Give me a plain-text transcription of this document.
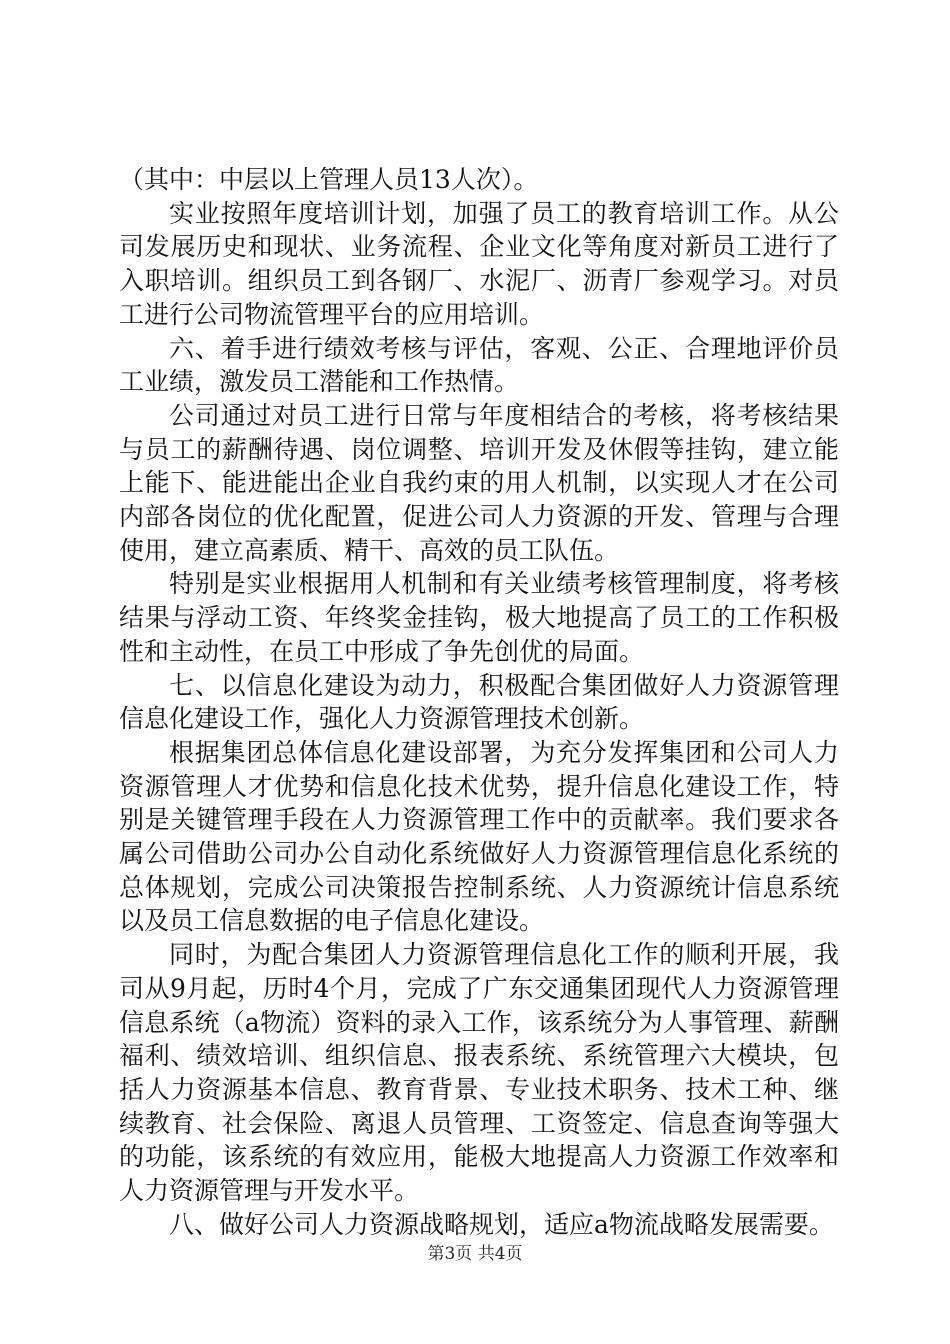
（其中：中层以上管理人员13人次）。

实业按照年度培训计划，加强了员工的教育培训工作。从公司发展历史和现状、业务流程、企业文化等角度对新员工进行了入职培训。组织员工到各钢厂、水泥厂、沥青厂参观学习。对员工进行公司物流管理平台的应用培训。

六、着手进行绩效考核与评估，客观、公正、合理地评价员工业绩，激发员工潜能和工作热情。

公司通过对员工进行日常与年度相结合的考核，将考核结果与员工的薪酬待遇、岗位调整、培训开发及休假等挂钩，建立能上能下、能进能出企业自我约束的用人机制，以实现人才在公司内部各岗位的优化配置，促进公司人力资源的开发、管理与合理使用，建立高素质、精干、高效的员工队伍。

特别是实业根据用人机制和有关业绩考核管理制度，将考核结果与浮动工资、年终奖金挂钩，极大地提高了员工的工作积极性和主动性，在员工中形成了争先创优的局面。

七、以信息化建设为动力，积极配合集团做好人力资源管理信息化建设工作，强化人力资源管理技术创新。

根据集团总体信息化建设部署，为充分发挥集团和公司人力资源管理人才优势和信息化技术优势，提升信息化建设工作，特别是关键管理手段在人力资源管理工作中的贡献率。我们要求各属公司借助公司办公自动化系统做好人力资源管理信息化系统的总体规划，完成公司决策报告控制系统、人力资源统计信息系统以及员工信息数据的电子信息化建设。

同时，为配合集团人力资源管理信息化工作的顺利开展，我司从9月起，历时4个月，完成了广东交通集团现代人力资源管理信息系统（a物流）资料的录入工作，该系统分为人事管理、薪酬福利、绩效培训、组织信息、报表系统、系统管理六大模块，包括人力资源基本信息、教育背景、专业技术职务、技术工种、继续教育、社会保险、离退人员管理、工资签定、信息查询等强大的功能，该系统的有效应用，能极大地提高人力资源工作效率和人力资源管理与开发水平。

八、做好公司人力资源战略规划，适应a物流战略发展需要。

第3页 共4页
